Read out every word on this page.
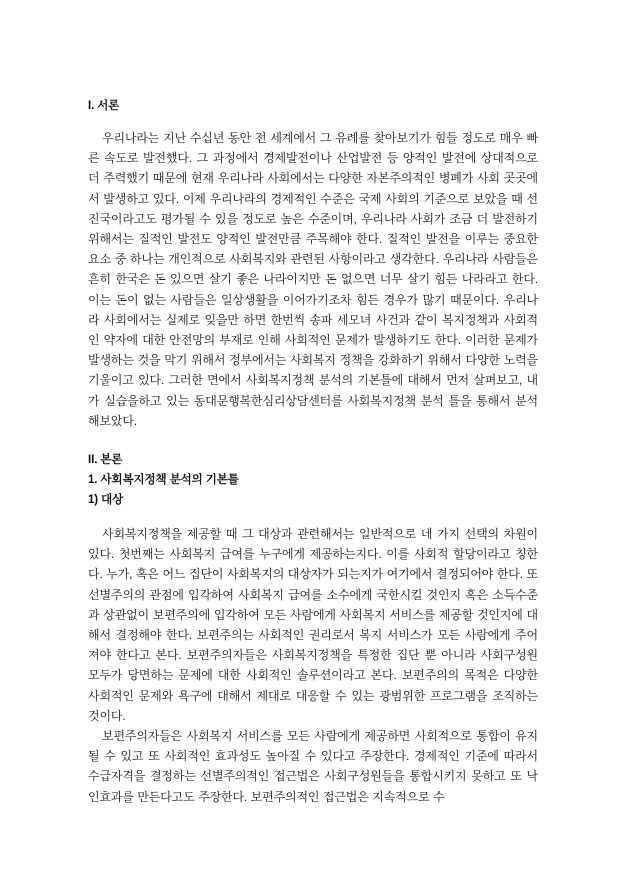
I. 서론

우리나라는 지난 수십년 동안 전 세계에서 그 유례를 찾아보기가 힘들 정도로 매우 빠른 속도로 발전했다. 그 과정에서 경제발전이나 산업발전 등 양적인 발전에 상대적으로 더 주력했기 때문에 현재 우리나라 사회에서는 다양한 자본주의적인 병폐가 사회 곳곳에서 발생하고 있다. 이제 우리나라의 경제적인 수준은 국제 사회의 기준으로 보았을 때 선진국이라고도 평가될 수 있을 정도로 높은 수준이며, 우리나라 사회가 조금 더 발전하기 위해서는 질적인 발전도 양적인 발전만큼 주목해야 한다. 질적인 발전을 이루는 중요한 요소 중 하나는 개인적으로 사회복지와 관련된 사항이라고 생각한다. 우리나라 사람들은 흔히 한국은 돈 있으면 살기 좋은 나라이지만 돈 없으면 너무 살기 힘든 나라라고 한다. 이는 돈이 없는 사람들은 일상생활을 이어가기조차 힘든 경우가 많기 때문이다. 우리나라 사회에서는 실제로 잊을만 하면 한번씩 송파 세모녀 사건과 같이 복지정책과 사회적인 약자에 대한 안전망의 부재로 인해 사회적인 문제가 발생하기도 한다. 이러한 문제가 발생하는 것을 막기 위해서 정부에서는 사회복지 정책을 강화하기 위해서 다양한 노력을 기울이고 있다. 그러한 면에서 사회복지정책 분석의 기본틀에 대해서 먼저 살펴보고, 내가 실습을하고 있는 동대문행복한심리상담센터를 사회복지정책 분석 틀을 통해서 분석해보았다.

II. 본론
1. 사회복지정책 분석의 기본틀
1) 대상

사회복지정책을 제공할 때 그 대상과 관련해서는 일반적으로 네 가지 선택의 차원이 있다. 첫번째는 사회복지 급여를 누구에게 제공하는지다. 이를 사회적 할당이라고 칭한다. 누가, 혹은 어느 집단이 사회복지의 대상자가 되는지가 여기에서 결정되어야 한다. 또 선별주의의 관점에 입각하여 사회복지 급여를 소수에게 국한시킬 것인지 혹은 소득수준과 상관없이 보편주의에 입각하여 모든 사람에게 사회복지 서비스를 제공할 것인지에 대해서 결정해야 한다. 보편주의는 사회적인 권리로서 복지 서비스가 모든 사람에게 주어져야 한다고 본다. 보편주의자들은 사회복지정책을 특정한 집단 뿐 아니라 사회구성원 모두가 당면하는 문제에 대한 사회적인 솔루션이라고 본다. 보편주의의 목적은 다양한 사회적인 문제와 욕구에 대해서 제대로 대응할 수 있는 광범위한 프로그램을 조직하는 것이다.

보편주의자들은 사회복지 서비스를 모든 사람에게 제공하면 사회적으로 통합이 유지될 수 있고 또 사회적인 효과성도 높아질 수 있다고 주장한다. 경제적인 기준에 따라서 수급자격을 결정하는 선별주의적인 접근법은 사회구성원들을 통합시키지 못하고 또 낙인효과를 만든다고도 주장한다. 보편주의적인 접근법은 지속적으로 수
